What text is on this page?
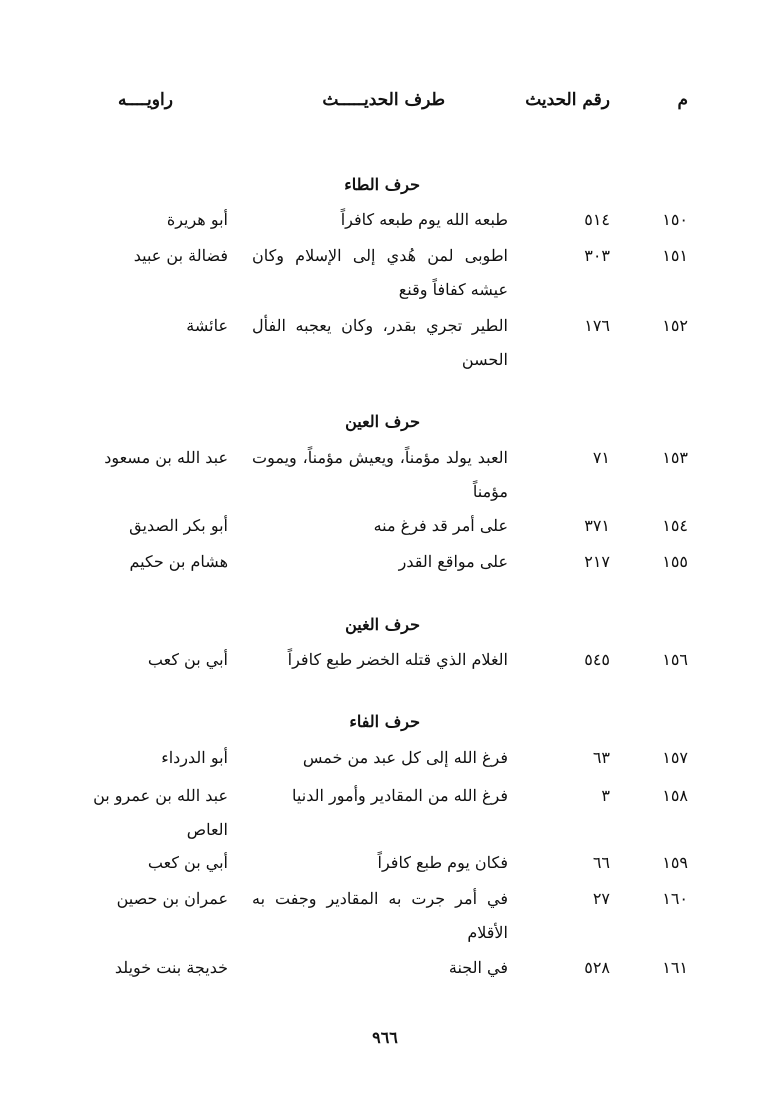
م
رقم الحديث
طرف الحديـــــث
راويــــه
حرف الطاء
١٥٠
٥١٤
طبعه الله يوم طبعه كافراً
أبو هريرة
١٥١
٣٠٣
اطوبى لمن هُدي إلى الإسلام وكان عيشه كفافاً وقنع
فضالة بن عبيد
١٥٢
١٧٦
الطير تجري بقدر، وكان يعجبه الفأل الحسن
عائشة
حرف العين
١٥٣
٧١
العبد يولد مؤمناً، ويعيش مؤمناً، ويموت مؤمناً
عبد الله بن مسعود
١٥٤
٣٧١
على أمر قد فرغ منه
أبو بكر الصديق
١٥٥
٢١٧
على مواقع القدر
هشام بن حكيم
حرف الغين
١٥٦
٥٤٥
الغلام الذي قتله الخضر طبع كافراً
أبي بن كعب
حرف الفاء
١٥٧
٦٣
فرغ الله إلى كل عبد من خمس
أبو الدرداء
١٥٨
٣
فرغ الله من المقادير وأمور الدنيا
عبد الله بن عمرو بن العاص
١٥٩
٦٦
فكان يوم طبع كافراً
أبي بن كعب
١٦٠
٢٧
في أمر جرت به المقادير وجفت به الأقلام
عمران بن حصين
١٦١
٥٢٨
في الجنة
خديجة بنت خويلد
٩٦٦
